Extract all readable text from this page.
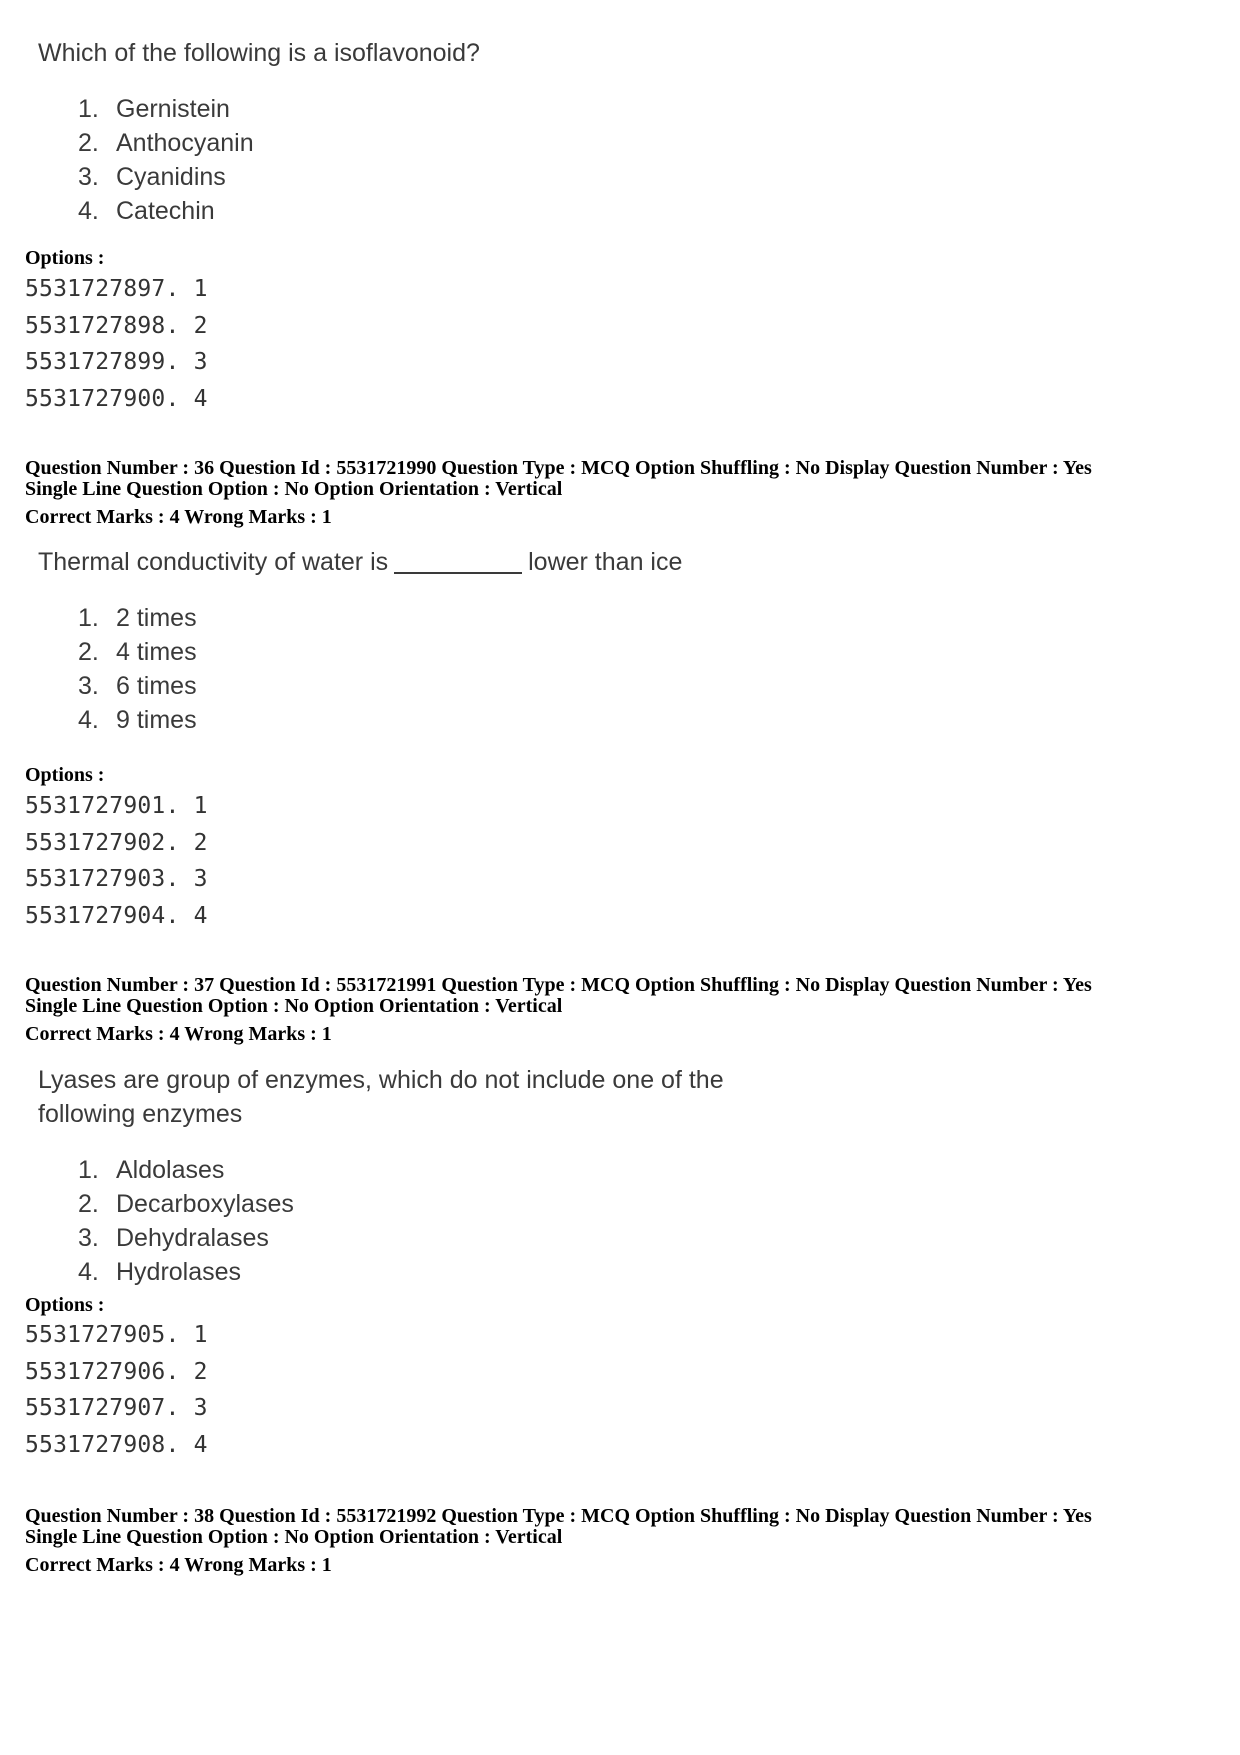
Which of the following is a isoflavonoid?

1. Gernistein
2. Anthocyanin
3. Cyanidins
4. Catechin
Options :
5531727897. 1
5531727898. 2
5531727899. 3
5531727900. 4
Question Number : 36 Question Id : 5531721990 Question Type : MCQ Option Shuffling : No Display Question Number : Yes
Single Line Question Option : No Option Orientation : Vertical
Correct Marks : 4 Wrong Marks : 1

Thermal conductivity of water is	lower than ice

1. 2 times
2. 4 times
3. 6 times
4. 9 times
Options :
5531727901. 1
5531727902. 2
5531727903. 3
5531727904. 4
Question Number : 37 Question Id : 5531721991 Question Type : MCQ Option Shuffling : No Display Question Number : Yes
Single Line Question Option : No Option Orientation : Vertical
Correct Marks : 4 Wrong Marks : 1

Lyases are group of enzymes, which do not include one of the
following enzymes

1. Aldolases
2. Decarboxylases
3. Dehydralases
4. Hydrolases
Options :
5531727905. 1
5531727906. 2
5531727907. 3
5531727908. 4
Question Number : 38 Question Id : 5531721992 Question Type : MCQ Option Shuffling : No Display Question Number : Yes
Single Line Question Option : No Option Orientation : Vertical
Correct Marks : 4 Wrong Marks : 1
